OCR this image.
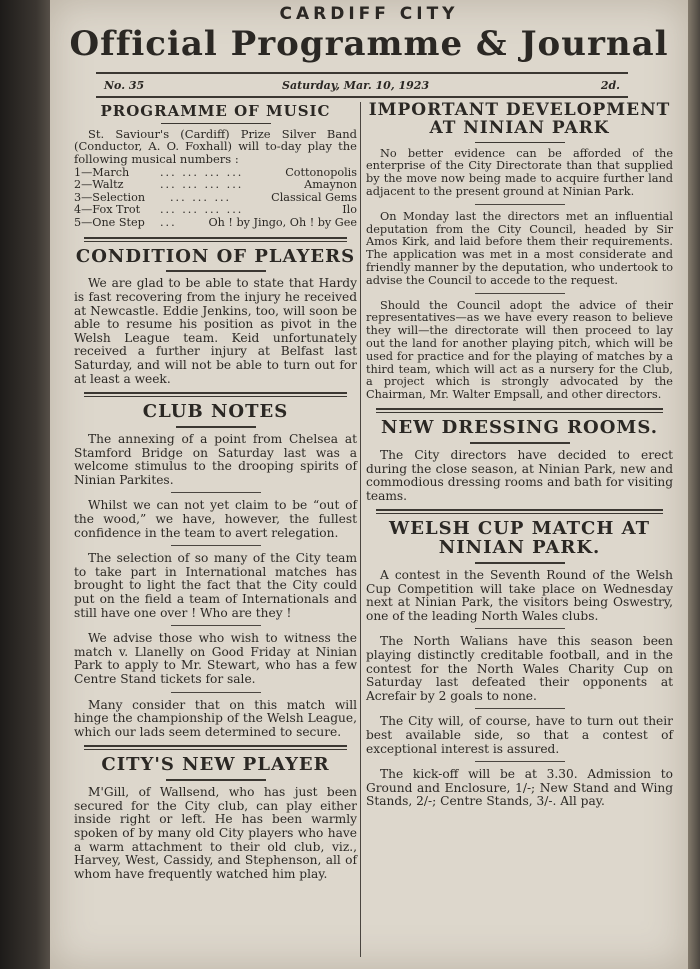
CARDIFF CITY
Official Programme & Journal
No. 35	Saturday, Mar. 10, 1923	2d.
PROGRAMME OF MUSIC

St. Saviour's (Cardiff) Prize Silver Band (Conductor, A. O. Foxhall) will to-day play the following musical numbers :

1—March	... ... ... ...	Cottonopolis
2—Waltz	... ... ... ...	Amaynon
3—Selection ... ... ...	Classical Gems
4—Fox Trot ... ... ... ...	Ilo
5—One Step ...	Oh ! by Jingo, Oh ! by Gee
CONDITION OF PLAYERS

We are glad to be able to state that Hardy is fast recovering from the injury he received at Newcastle. Eddie Jenkins, too, will soon be able to resume his position as pivot in the Welsh League team. Keid unfortunately received a further injury at Belfast last Saturday, and will not be able to turn out for at least a week.

CLUB NOTES

The annexing of a point from Chelsea at Stamford Bridge on Saturday last was a welcome stimulus to the drooping spirits of Ninian Parkites.

Whilst we can not yet claim to be “out of the wood,” we have, however, the fullest confidence in the team to avert relegation.

The selection of so many of the City team to take part in International matches has brought to light the fact that the City could put on the field a team of Internationals and still have one over ! Who are they !

We advise those who wish to witness the match v. Llanelly on Good Friday at Ninian Park to apply to Mr. Stewart, who has a few Centre Stand tickets for sale.

Many consider that on this match will hinge the championship of the Welsh League, which our lads seem determined to secure.

CITY'S NEW PLAYER

M'Gill, of Wallsend, who has just been secured for the City club, can play either inside right or left. He has been warmly spoken of by many old City players who have a warm attachment to their old club, viz., Harvey, West, Cassidy, and Stephenson, all of whom have frequently watched him play.

IMPORTANT DEVELOPMENT
AT NINIAN PARK

No better evidence can be afforded of the enterprise of the City Directorate than that supplied by the move now being made to acquire further land adjacent to the present ground at Ninian Park.

On Monday last the directors met an influential deputation from the City Council, headed by Sir Amos Kirk, and laid before them their requirements. The application was met in a most considerate and friendly manner by the deputation, who undertook to advise the Council to accede to the request.

Should the Council adopt the advice of their representatives—as we have every reason to believe they will—the directorate will then proceed to lay out the land for another playing pitch, which will be used for practice and for the playing of matches by a third team, which will act as a nursery for the Club, a project which is strongly advocated by the Chairman, Mr. Walter Empsall, and other directors.

NEW DRESSING ROOMS.

The City directors have decided to erect during the close season, at Ninian Park, new and commodious dressing rooms and bath for visiting teams.

WELSH CUP MATCH AT
NINIAN PARK.

A contest in the Seventh Round of the Welsh Cup Competition will take place on Wednesday next at Ninian Park, the visitors being Oswestry, one of the leading North Wales clubs.

The North Walians have this season been playing distinctly creditable football, and in the contest for the North Wales Charity Cup on Saturday last defeated their opponents at Acrefair by 2 goals to none.

The City will, of course, have to turn out their best available side, so that a contest of exceptional interest is assured.

The kick-off will be at 3.30. Admission to Ground and Enclosure, 1/-; New Stand and Wing Stands, 2/-; Centre Stands, 3/-. All pay.
